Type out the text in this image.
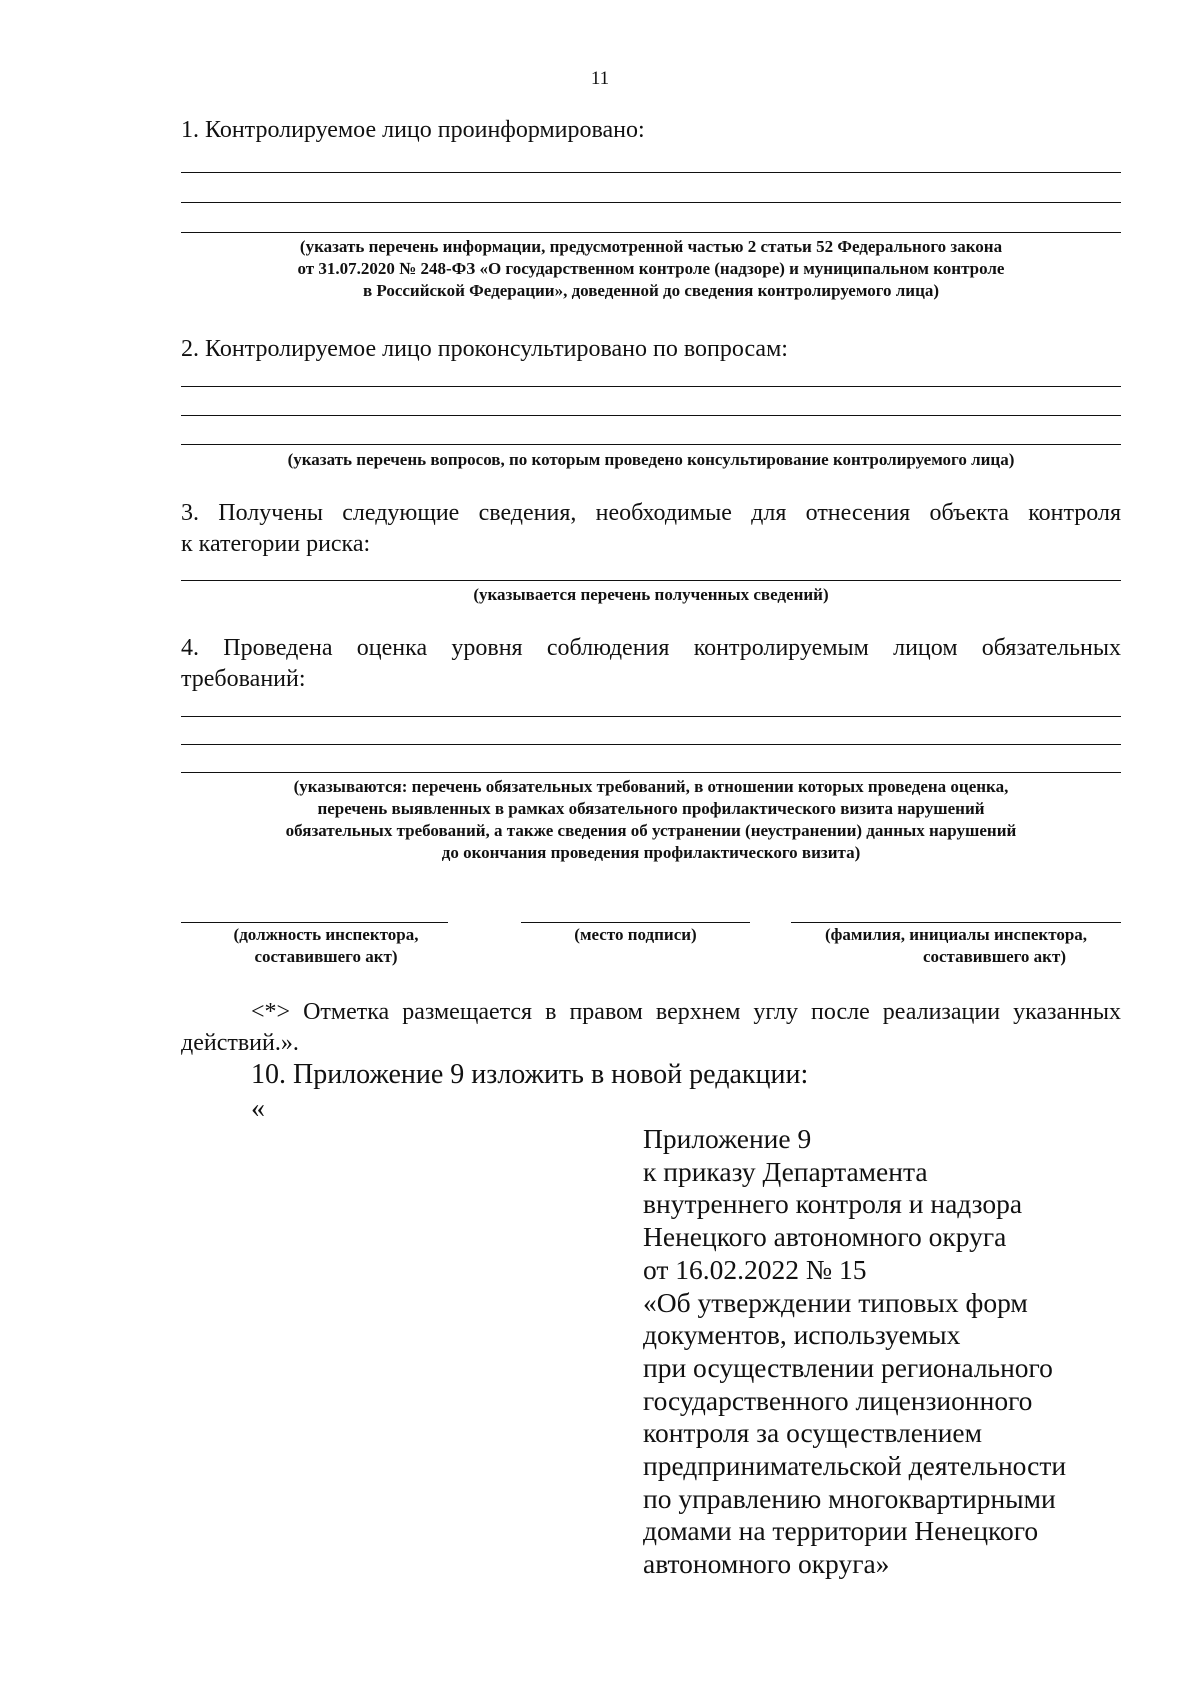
11
1. Контролируемое лицо проинформировано:
(указать перечень информации, предусмотренной частью 2 статьи 52 Федерального закона
от 31.07.2020 № 248-ФЗ «О государственном контроле (надзоре) и муниципальном контроле
в Российской Федерации», доведенной до сведения контролируемого лица)
2. Контролируемое лицо проконсультировано по вопросам:
(указать перечень вопросов, по которым проведено консультирование контролируемого лица)
3. Получены следующие сведения, необходимые для отнесения объекта контроля
к категории риска:
(указывается перечень полученных сведений)
4. Проведена оценка уровня соблюдения контролируемым лицом обязательных
требований:
(указываются: перечень обязательных требований, в отношении которых проведена оценка,
перечень выявленных в рамках обязательного профилактического визита нарушений
обязательных требований, а также сведения об устранении (неустранении) данных нарушений
до окончания проведения профилактического визита)
(должность инспектора,
составившего акт)
(место подписи)	(фамилия, инициалы инспектора,
составившего акт)
<*> Отметка размещается в правом верхнем углу после реализации указанных
действий.».
10. Приложение 9 изложить в новой редакции:
«
Приложение 9
к приказу Департамента
внутреннего контроля и надзора
Ненецкого автономного округа
от 16.02.2022 № 15
«Об утверждении типовых форм
документов, используемых
при осуществлении регионального
государственного лицензионного
контроля за осуществлением
предпринимательской деятельности
по управлению многоквартирными
домами на территории Ненецкого
автономного округа»
